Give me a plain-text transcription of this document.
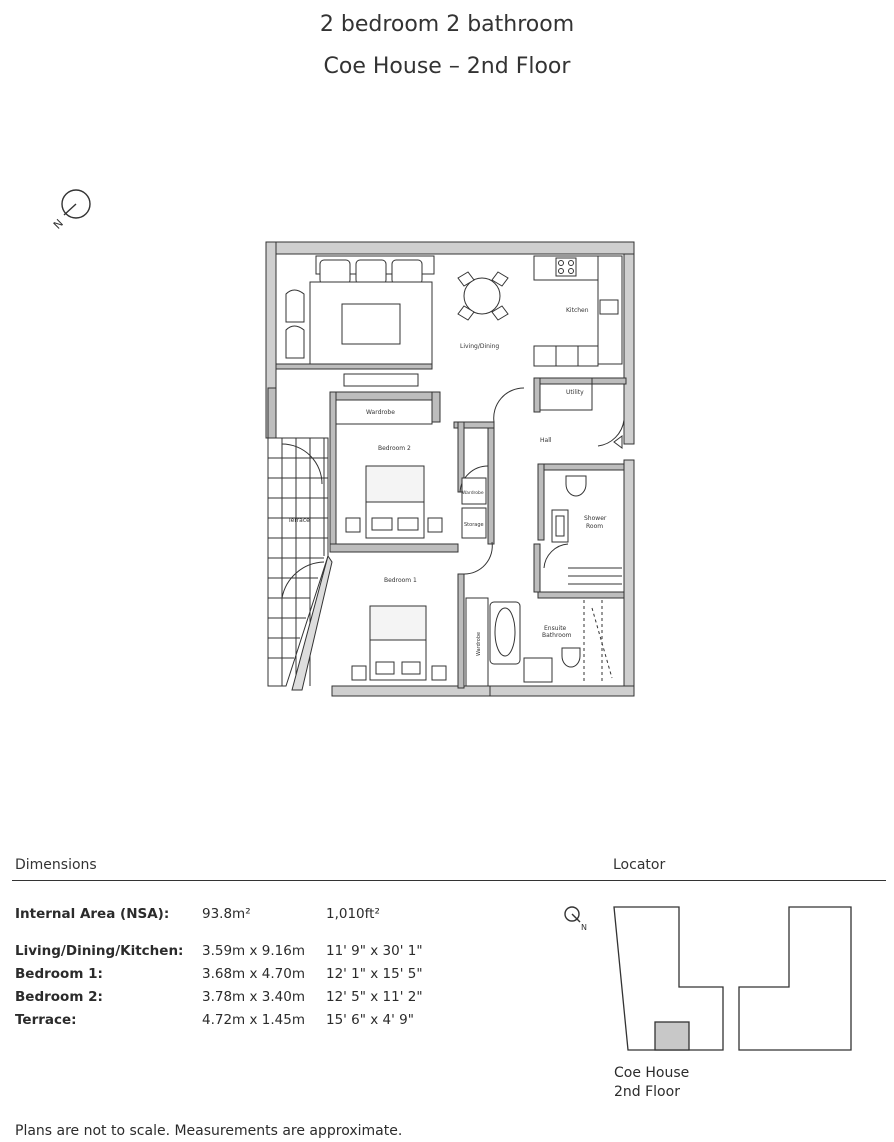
2 bedroom 2 bathroom
Coe House – 2nd Floor
N
Living/Dining
Kitchen
Utility
Wardrobe
Bedroom 2
Hall
Terrace
Wardrobe
Storage
Shower
Room
Bedroom 1
Wardrobe
Ensuite
Bathroom
Dimensions	Locator
Internal Area (NSA): 93.8m²	1,010ft²
Living/Dining/Kitchen: 3.59m x 9.16m 11' 9" x 30' 1"
Bedroom 1:	3.68m x 4.70m 12' 1" x 15' 5"
Bedroom 2:	3.78m x 3.40m 12' 5" x 11' 2"
Terrace:	4.72m x 1.45m 15' 6" x 4' 9"
N
Coe House
2nd Floor
Plans are not to scale. Measurements are approximate.
